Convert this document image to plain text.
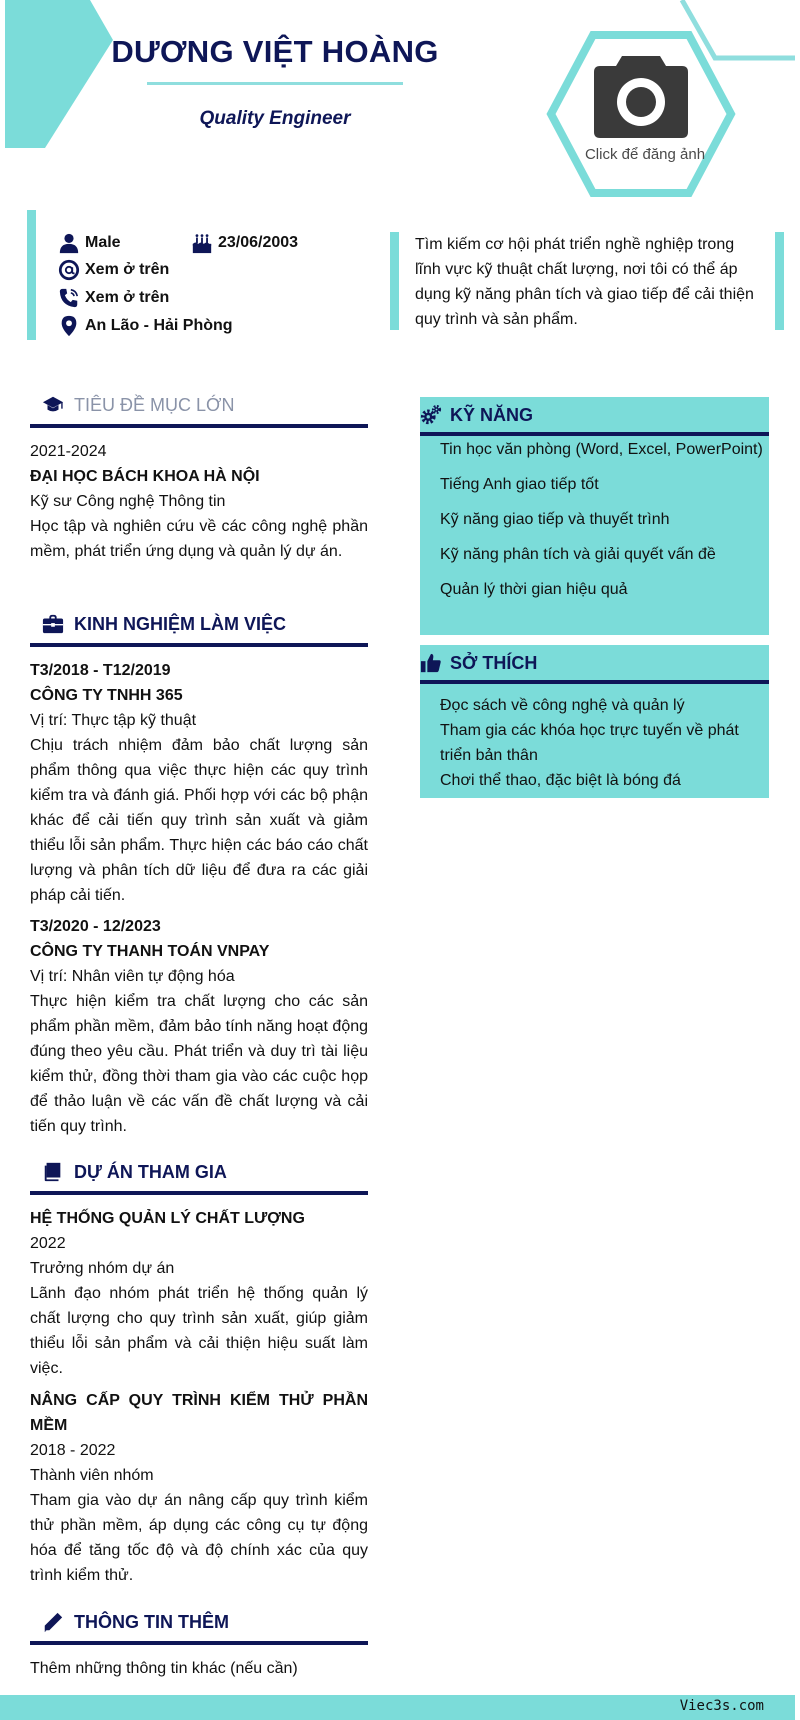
DƯƠNG VIỆT HOÀNG
Quality Engineer
Click để đăng ảnh
Male	23/06/2003
Xem ở trên
Xem ở trên
An Lão - Hải Phòng
Tìm kiếm cơ hội phát triển nghề nghiệp trong lĩnh vực kỹ thuật chất lượng, nơi tôi có thể áp dụng kỹ năng phân tích và giao tiếp để cải thiện quy trình và sản phẩm.
TIÊU ĐỀ MỤC LỚN
2021-2024
ĐẠI HỌC BÁCH KHOA HÀ NỘI
Kỹ sư Công nghệ Thông tin
Học tập và nghiên cứu về các công nghệ phần mềm, phát triển ứng dụng và quản lý dự án.
KINH NGHIỆM LÀM VIỆC
T3/2018 - T12/2019
CÔNG TY TNHH 365
Vị trí: Thực tập kỹ thuật
Chịu trách nhiệm đảm bảo chất lượng sản phẩm thông qua việc thực hiện các quy trình kiểm tra và đánh giá. Phối hợp với các bộ phận khác để cải tiến quy trình sản xuất và giảm thiểu lỗi sản phẩm. Thực hiện các báo cáo chất lượng và phân tích dữ liệu để đưa ra các giải pháp cải tiến.
T3/2020 - 12/2023
CÔNG TY THANH TOÁN VNPAY
Vị trí: Nhân viên tự động hóa
Thực hiện kiểm tra chất lượng cho các sản phẩm phần mềm, đảm bảo tính năng hoạt động đúng theo yêu cầu. Phát triển và duy trì tài liệu kiểm thử, đồng thời tham gia vào các cuộc họp để thảo luận về các vấn đề chất lượng và cải tiến quy trình.
DỰ ÁN THAM GIA
HỆ THỐNG QUẢN LÝ CHẤT LƯỢNG
2022
Trưởng nhóm dự án
Lãnh đạo nhóm phát triển hệ thống quản lý chất lượng cho quy trình sản xuất, giúp giảm thiểu lỗi sản phẩm và cải thiện hiệu suất làm việc.
NÂNG CẤP QUY TRÌNH KIỂM THỬ PHẦN MỀM
2018 - 2022
Thành viên nhóm
Tham gia vào dự án nâng cấp quy trình kiểm thử phần mềm, áp dụng các công cụ tự động hóa để tăng tốc độ và độ chính xác của quy trình kiểm thử.
THÔNG TIN THÊM
Thêm những thông tin khác (nếu cần)
KỸ NĂNG
Tin học văn phòng (Word, Excel, PowerPoint)
Tiếng Anh giao tiếp tốt
Kỹ năng giao tiếp và thuyết trình
Kỹ năng phân tích và giải quyết vấn đề
Quản lý thời gian hiệu quả
SỞ THÍCH
Đọc sách về công nghệ và quản lý
Tham gia các khóa học trực tuyến về phát triển bản thân
Chơi thể thao, đặc biệt là bóng đá
Viec3s.com
